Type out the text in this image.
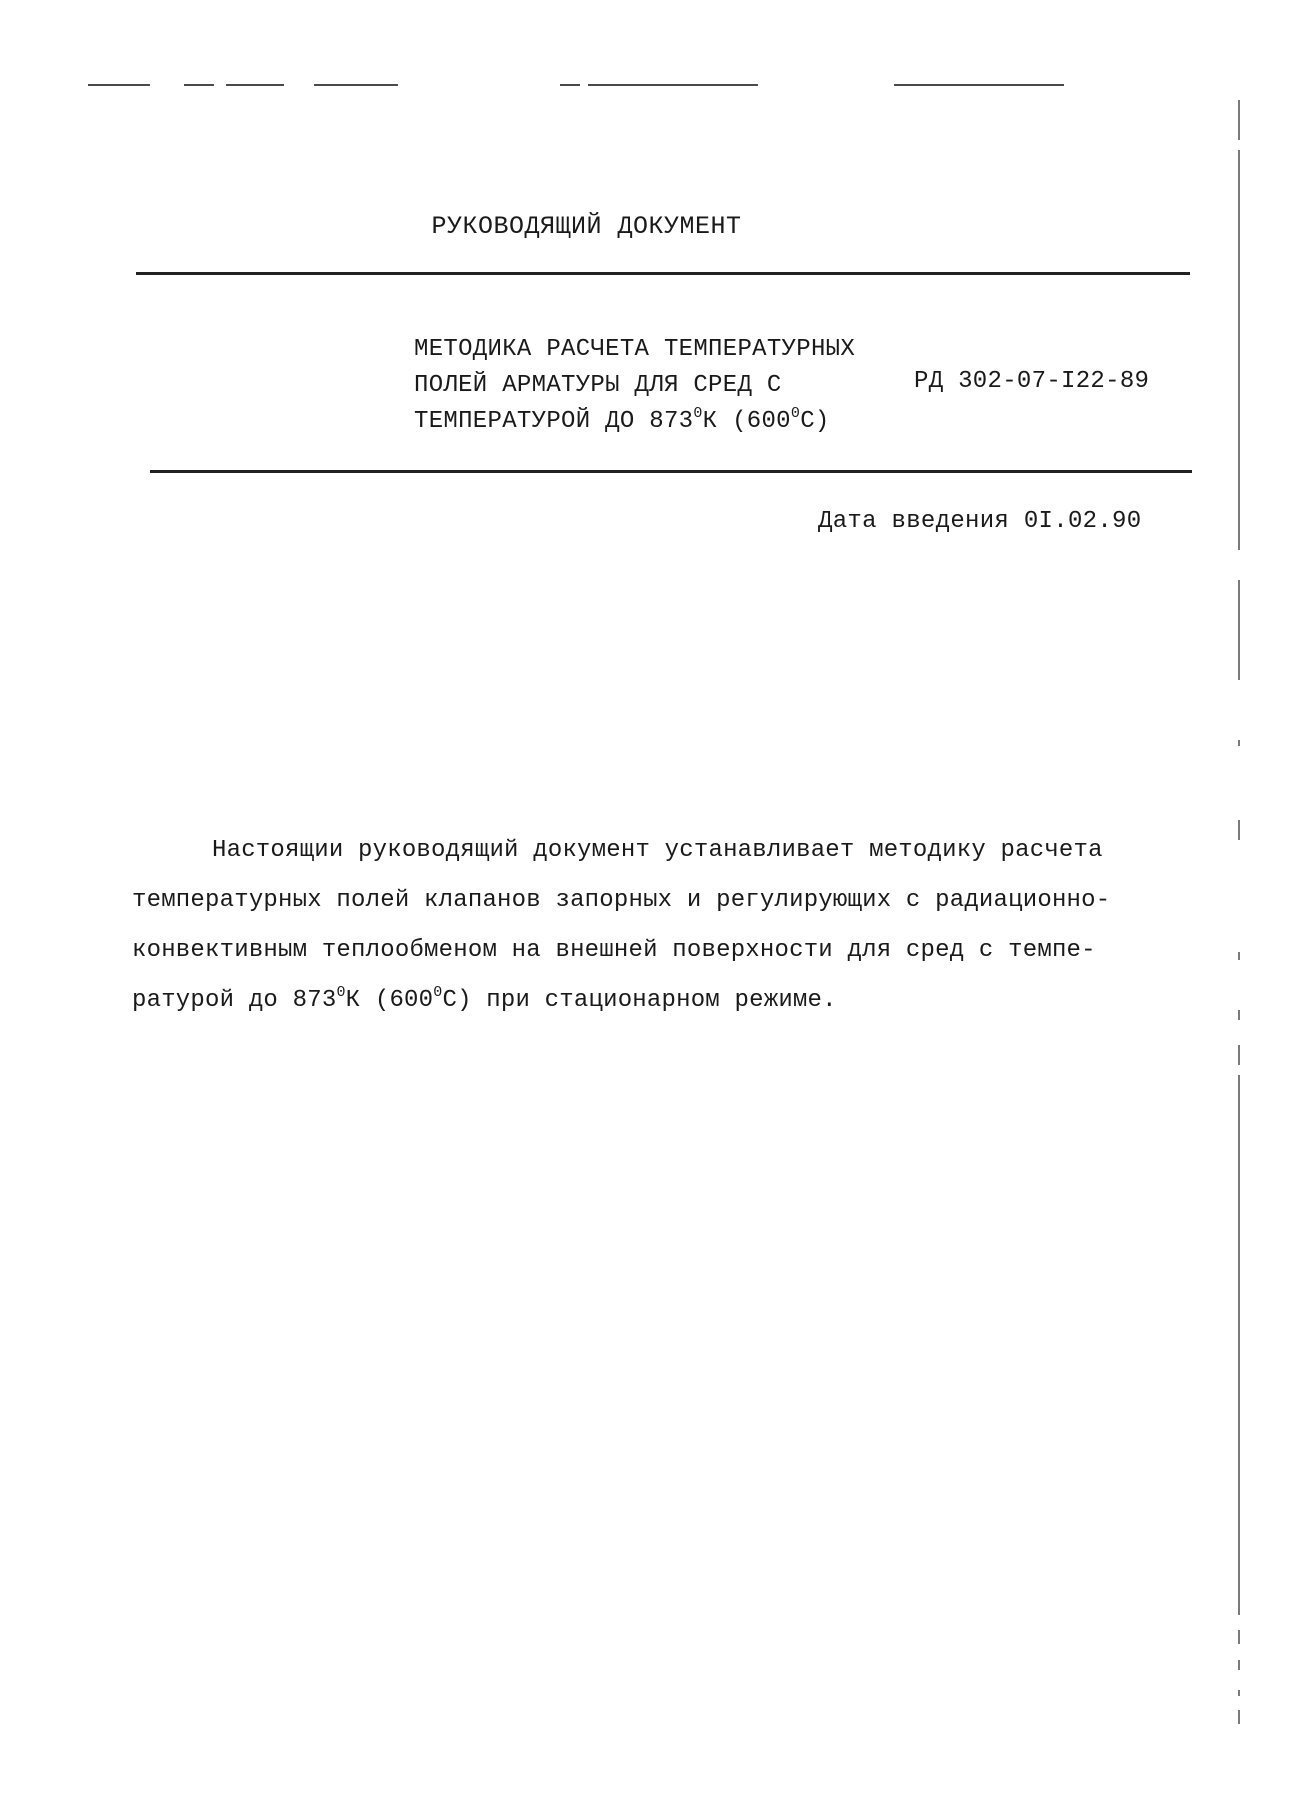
РУКОВОДЯЩИЙ ДОКУМЕНТ
МЕТОДИКА РАСЧЕТА ТЕМПЕРАТУРНЫХ
ПОЛЕЙ АРМАТУРЫ ДЛЯ СРЕД С
ТЕМПЕРАТУРОЙ ДО $873^0К$ $(600^0С)$
РД 302-07-I22-89
Дата введения 0I.02.90
Настоящии руководящий документ устанавливает методику расчета
температурных полей клапанов запорных и регулирующих с радиационно-
конвективным теплообменом на внешней поверхности для сред с темпе-
ратурой до $873^0К$ $(600^0С)$ при стационарном режиме.
